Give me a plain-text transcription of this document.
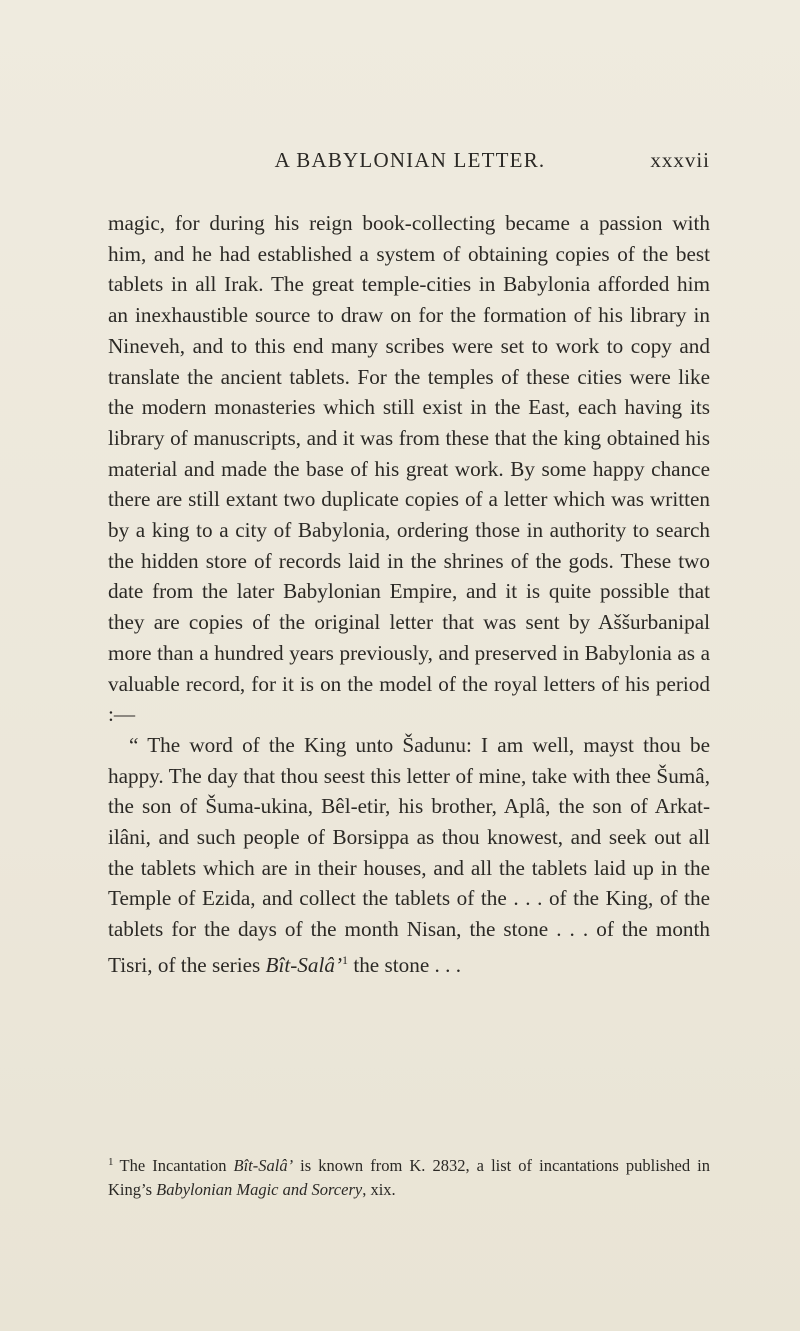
A BABYLONIAN LETTER.	xxxvii

magic, for during his reign book-collecting became a passion with him, and he had established a system of obtaining copies of the best tablets in all Irak. The great temple-cities in Babylonia afforded him an inexhaustible source to draw on for the formation of his library in Nineveh, and to this end many scribes were set to work to copy and translate the ancient tablets. For the temples of these cities were like the modern monasteries which still exist in the East, each having its library of manuscripts, and it was from these that the king obtained his material and made the base of his great work. By some happy chance there are still extant two duplicate copies of a letter which was written by a king to a city of Babylonia, ordering those in authority to search the hidden store of records laid in the shrines of the gods. These two date from the later Babylonian Empire, and it is quite possible that they are copies of the original letter that was sent by Aššurbanipal more than a hundred years previously, and preserved in Babylonia as a valuable record, for it is on the model of the royal letters of his period :—

“ The word of the King unto Šadunu: I am well, mayst thou be happy. The day that thou seest this letter of mine, take with thee Šumâ, the son of Šuma-ukina, Bêl-etir, his brother, Aplâ, the son of Arkat-ilâni, and such people of Borsippa as thou knowest, and seek out all the tablets which are in their houses, and all the tablets laid up in the Temple of Ezida, and collect the tablets of the . . . of the King, of the tablets for the days of the month Nisan, the stone . . . of the month Tisri, of the series Bît-Salâ’$^1$ the stone . . .

$^1$ The Incantation Bît-Salâ’ is known from K. 2832, a list of incantations published in King’s Babylonian Magic and Sorcery, xix.
